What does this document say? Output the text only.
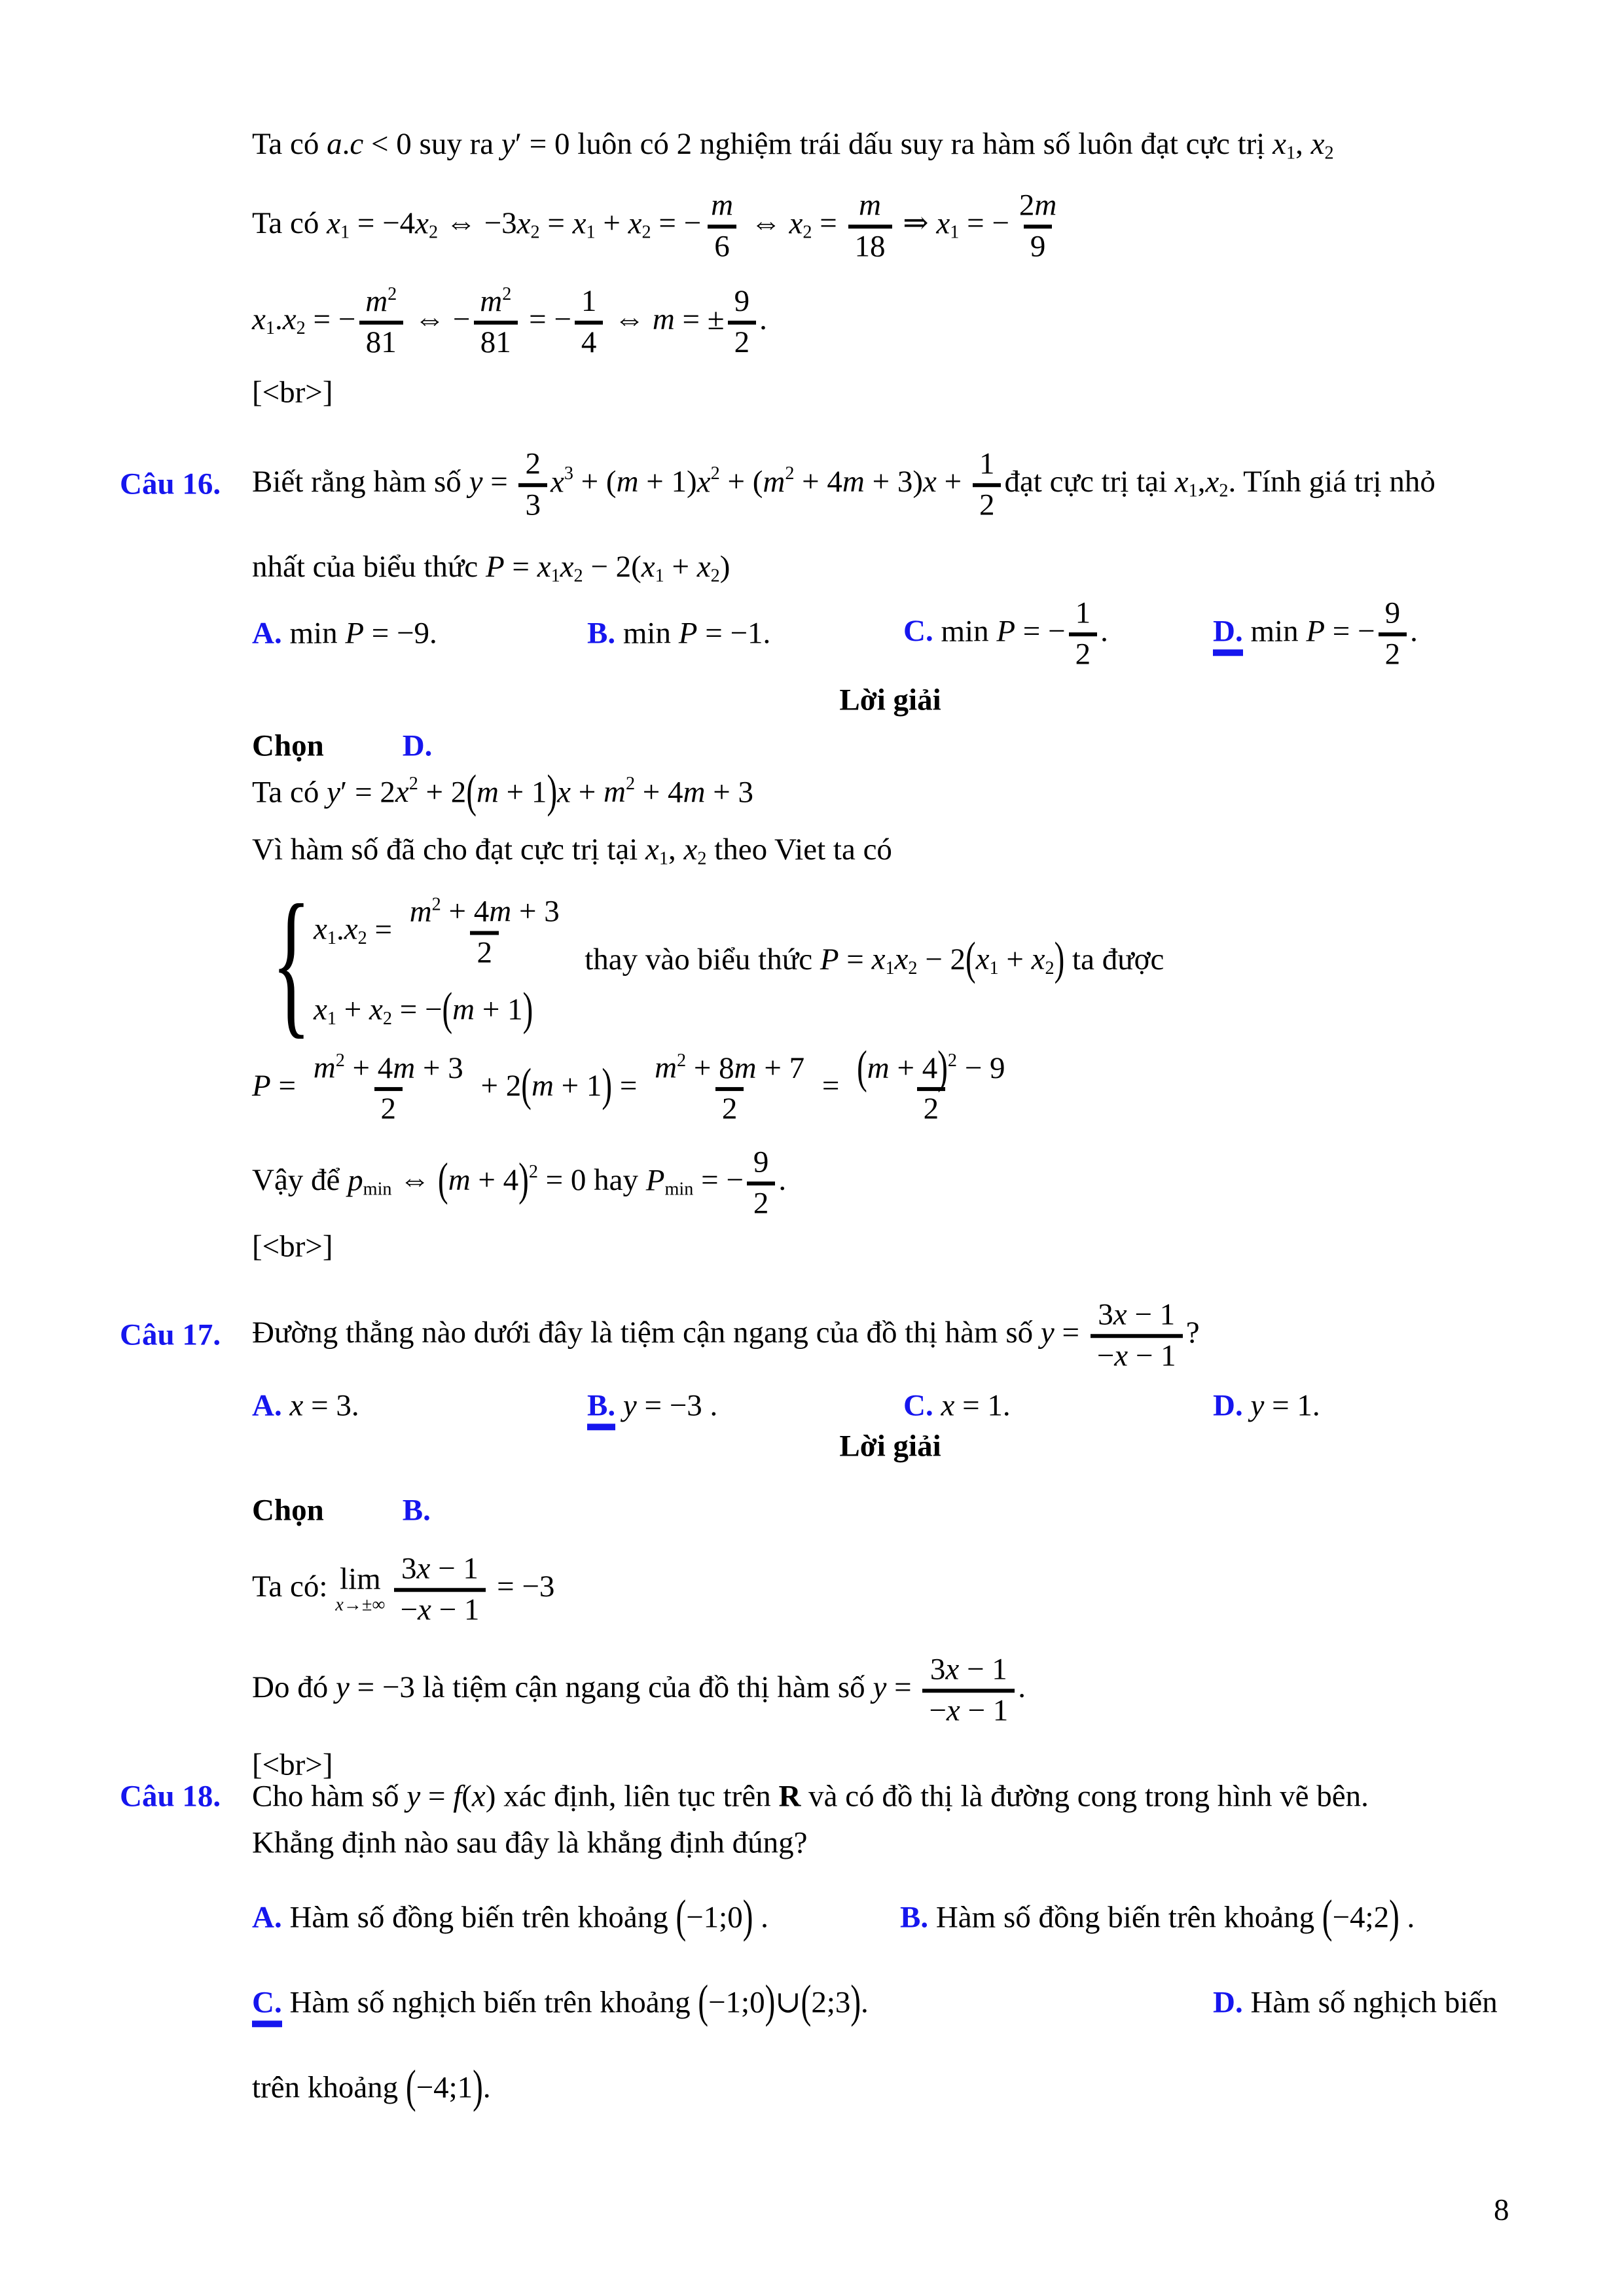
Ta có a.c < 0 suy ra y′ = 0 luôn có 2 nghiệm trái dấu suy ra hàm số luôn đạt cực trị x1, x2
Ta có x1 = −4x2 ⇔ −3x2 = x1 + x2 = − $\frac{m}{6}$ ⇔ $x2 = \frac{m}{18}$ ⇒ x1 = − $\frac{2 m}{9}$
x1.x2 = − $\frac{m^2}{81}$ ⇔ − $\frac{m^2}{81}$ = − $\frac{1}{4}$ ⇔ m = ± $\frac{9}{2}$ .
[<br>]
Câu 16. Biết rằng hàm số $y = \frac{2}{3} x^3 + (m + 1)x^2 + (m^2 + 4m + 3)x + \frac{1}{2}$ đạt cực trị tại x1,x2. Tính giá trị nhỏ
nhất của biểu thức P = x1x2 − 2(x1 + x2)
A. min P = −9.	B. min P = −1.	C. min P = − $\frac{1}{2}$ .	D. min P = − $\frac{9}{2}$ .
Lời giải
Chọn	D.
Ta có $y' = 2x^2 + 2(m + 1)x + m^2 + 4m + 3$
Vì hàm số đã cho đạt cực trị tại x1, x2 theo Viet ta có
{ $x1.x2 = \frac{m^2 + 4 m + 3}{2}$
x1 + x2 = −(m + 1)
thay vào biểu thức P = x1x2 − 2(x1 + x2) ta được
$P = \frac{m^2 + 4 m + 3}{2} + 2(m + 1) = \frac{m^2 + 8 m + 7}{2} = \frac{( m + 4 ) ^2 - 9}{2}$
Vậy để pmin ⇔ $(m + 4)^2 = 0$ hay Pmin = − $\frac{9}{2}$ .
[<br>]
Câu 17. Đường thẳng nào dưới đây là tiệm cận ngang của đồ thị hàm số $y = \frac{3 x - 1}{- x - 1}$ ?
A. x = 3.	B. y = −3 .	C. x = 1.	D. y = 1.
Lời giải
Chọn	B.
Ta có: lim
$x\to\pm\infty \frac{3 x - 1}{- x - 1} = -3$
Do đó y = −3 là tiệm cận ngang của đồ thị hàm số $y = \frac{3 x - 1}{- x - 1}$ .
[<br>]
Câu 18. Cho hàm số y = f(x) xác định, liên tục trên R và có đồ thị là đường cong trong hình vẽ bên.
Khẳng định nào sau đây là khẳng định đúng?
A. Hàm số đồng biến trên khoảng (−1;0) .	B. Hàm số đồng biến trên khoảng (−4;2) .
C. Hàm số nghịch biến trên khoảng (−1;0)∪(2;3).	D. Hàm số nghịch biến
trên khoảng (−4;1).
8
